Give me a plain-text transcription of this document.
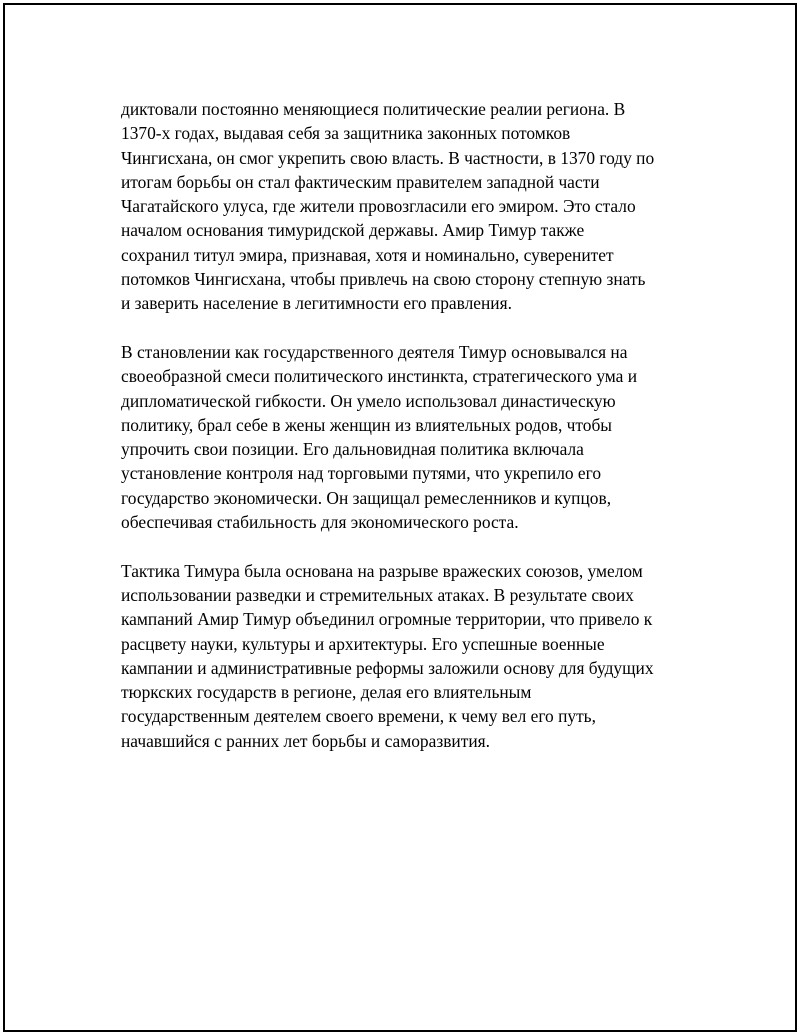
диктовали постоянно меняющиеся политические реалии региона. В
1370-х годах, выдавая себя за защитника законных потомков
Чингисхана, он смог укрепить свою власть. В частности, в 1370 году по
итогам борьбы он стал фактическим правителем западной части
Чагатайского улуса, где жители провозгласили его эмиром. Это стало
началом основания тимуридской державы. Амир Тимур также
сохранил титул эмира, признавая, хотя и номинально, суверенитет
потомков Чингисхана, чтобы привлечь на свою сторону степную знать
и заверить население в легитимности его правления.

В становлении как государственного деятеля Тимур основывался на
своеобразной смеси политического инстинкта, стратегического ума и
дипломатической гибкости. Он умело использовал династическую
политику, брал себе в жены женщин из влиятельных родов, чтобы
упрочить свои позиции. Его дальновидная политика включала
установление контроля над торговыми путями, что укрепило его
государство экономически. Он защищал ремесленников и купцов,
обеспечивая стабильность для экономического роста.

Тактика Тимура была основана на разрыве вражеских союзов, умелом
использовании разведки и стремительных атаках. В результате своих
кампаний Амир Тимур объединил огромные территории, что привело к
расцвету науки, культуры и архитектуры. Его успешные военные
кампании и административные реформы заложили основу для будущих
тюркских государств в регионе, делая его влиятельным
государственным деятелем своего времени, к чему вел его путь,
начавшийся с ранних лет борьбы и саморазвития.
